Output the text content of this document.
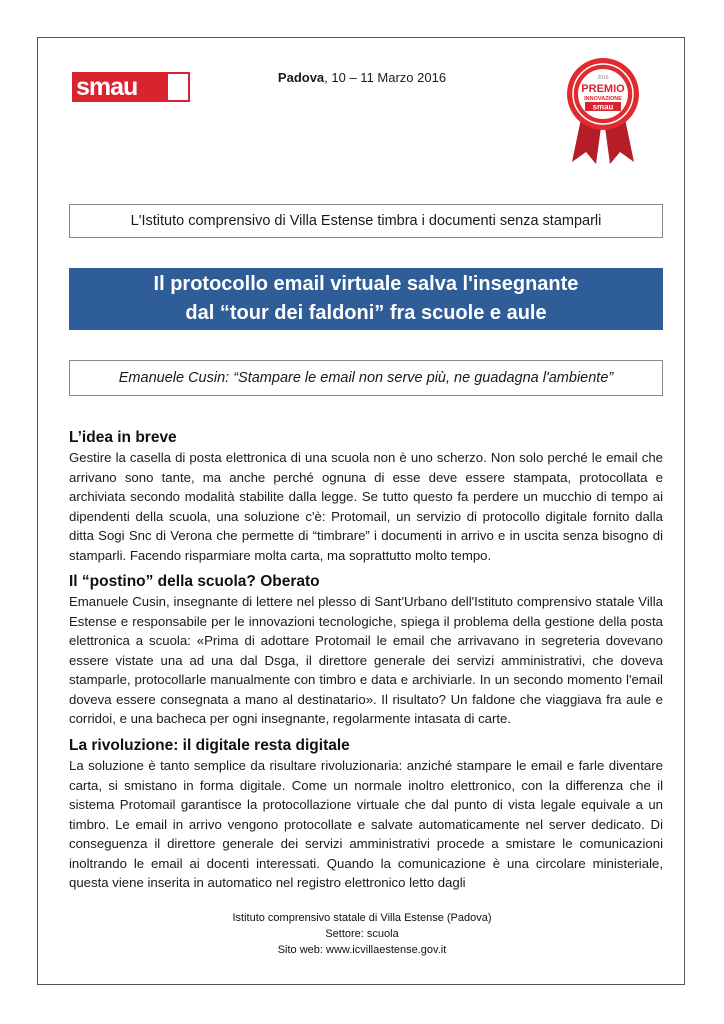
smau	Padova, 10 – 11 Marzo 2016	2016
PREMIO
INNOVAZIONE
smau
L'Istituto comprensivo di Villa Estense timbra i documenti senza stamparli
Il protocollo email virtuale salva l'insegnante
dal “tour dei faldoni” fra scuole e aule
Emanuele Cusin: “Stampare le email non serve più, ne guadagna l'ambiente”
L’idea in breve

Gestire la casella di posta elettronica di una scuola non è uno scherzo. Non solo perché le email che arrivano sono tante, ma anche perché ognuna di esse deve essere stampata, protocollata e archiviata secondo modalità stabilite dalla legge. Se tutto questo fa perdere un mucchio di tempo ai dipendenti della scuola, una soluzione c'è: Protomail, un servizio di protocollo digitale fornito dalla ditta Sogi Snc di Verona che permette di “timbrare” i documenti in arrivo e in uscita senza bisogno di stamparli. Facendo risparmiare molta carta, ma soprattutto molto tempo.

Il “postino” della scuola? Oberato

Emanuele Cusin, insegnante di lettere nel plesso di Sant'Urbano dell'Istituto comprensivo statale Villa Estense e responsabile per le innovazioni tecnologiche, spiega il problema della gestione della posta elettronica a scuola: «Prima di adottare Protomail le email che arrivavano in segreteria dovevano essere vistate una ad una dal Dsga, il direttore generale dei servizi amministrativi, che doveva stamparle, protocollarle manualmente con timbro e data e archiviarle. In un secondo momento l'email doveva essere consegnata a mano al destinatario». Il risultato? Un faldone che viaggiava fra aule e corridoi, e una bacheca per ogni insegnante, regolarmente intasata di carte.

La rivoluzione: il digitale resta digitale

La soluzione è tanto semplice da risultare rivoluzionaria: anziché stampare le email e farle diventare carta, si smistano in forma digitale. Come un normale inoltro elettronico, con la differenza che il sistema Protomail garantisce la protocollazione virtuale che dal punto di vista legale equivale a un timbro. Le email in arrivo vengono protocollate e salvate automaticamente nel server dedicato. Di conseguenza il direttore generale dei servizi amministrativi procede a smistare le comunicazioni inoltrando le email ai docenti interessati. Quando la comunicazione è una circolare ministeriale, questa viene inserita in automatico nel registro elettronico letto dagli

Istituto comprensivo statale di Villa Estense (Padova)
Settore: scuola
Sito web: www.icvillaestense.gov.it
